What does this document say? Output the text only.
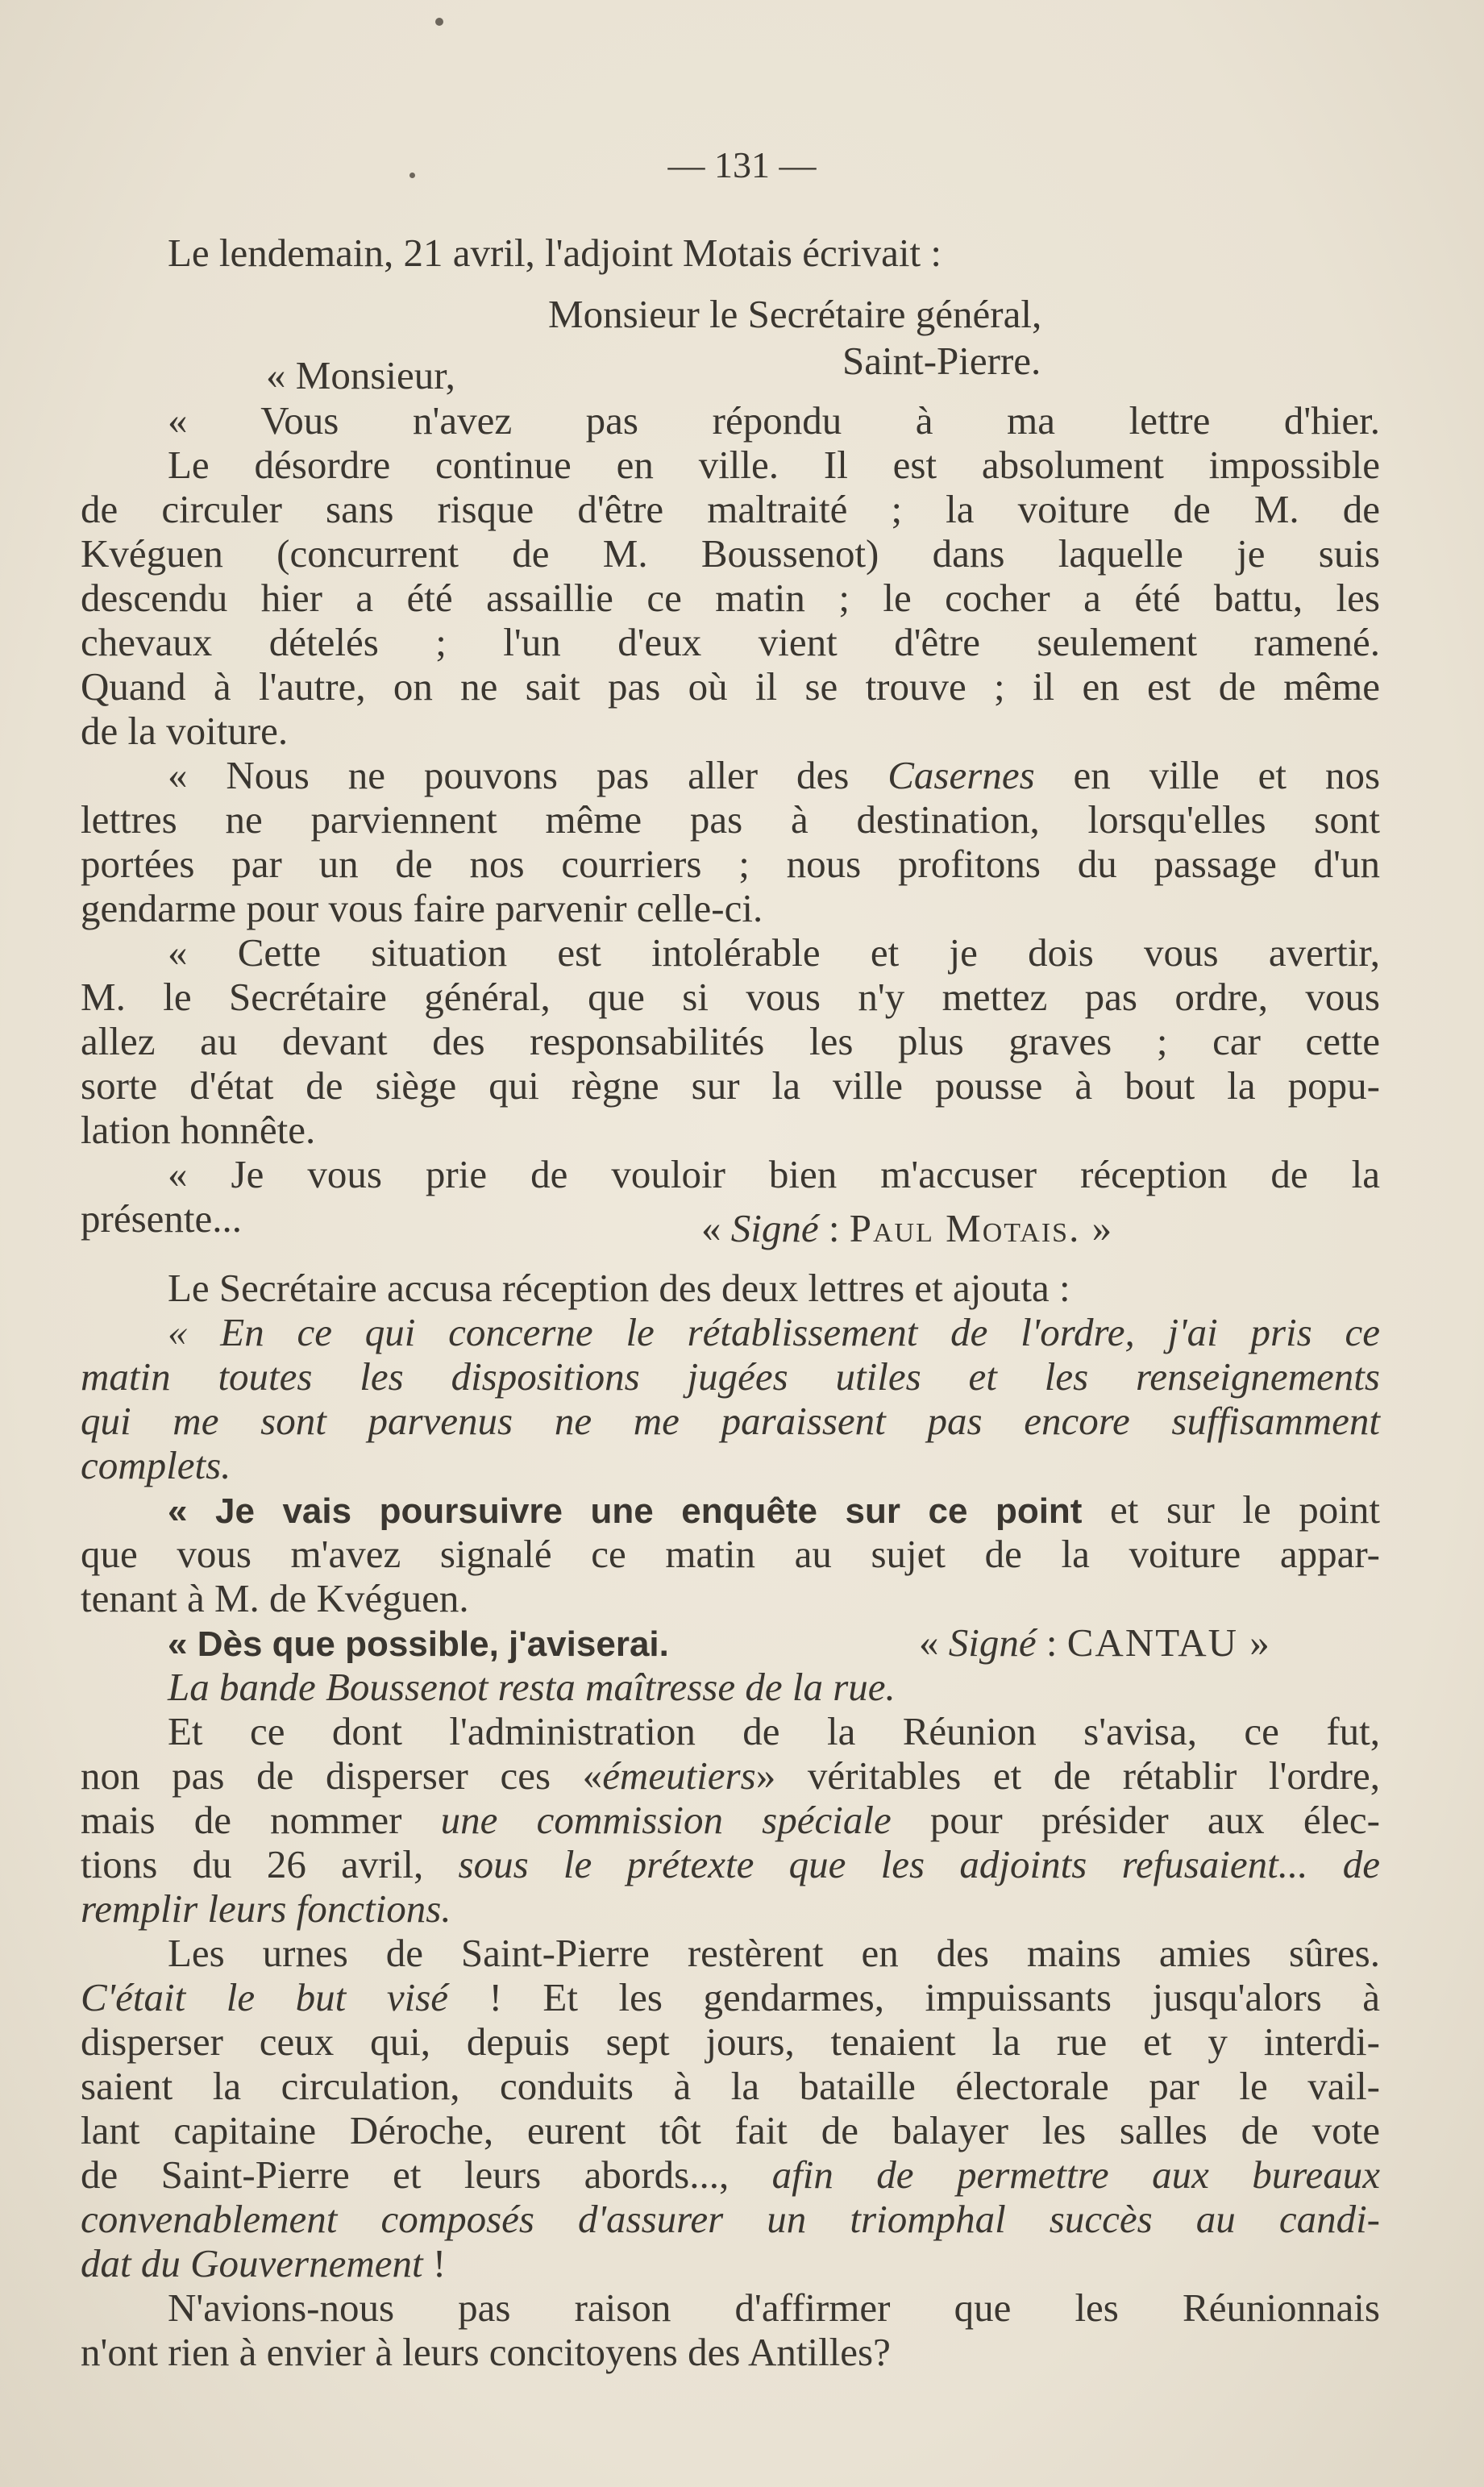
— 131 —
Le lendemain, 21 avril, l'adjoint Motais écrivait :
Monsieur le Secrétaire général,
« Monsieur,	Saint-Pierre.
« Vous n'avez pas répondu à ma lettre d'hier.
Le désordre continue en ville. Il est absolument impossible
de circuler sans risque d'être maltraité ; la voiture de M. de
Kvéguen (concurrent de M. Boussenot) dans laquelle je suis
descendu hier a été assaillie ce matin ; le cocher a été battu, les
chevaux dételés ; l'un d'eux vient d'être seulement ramené.
Quand à l'autre, on ne sait pas où il se trouve ; il en est de même
de la voiture.
« Nous ne pouvons pas aller des Casernes en ville et nos
lettres ne parviennent même pas à destination, lorsqu'elles sont
portées par un de nos courriers ; nous profitons du passage d'un
gendarme pour vous faire parvenir celle-ci.
« Cette situation est intolérable et je dois vous avertir,
M. le Secrétaire général, que si vous n'y mettez pas ordre, vous
allez au devant des responsabilités les plus graves ; car cette
sorte d'état de siège qui règne sur la ville pousse à bout la popu-
lation honnête.
« Je vous prie de vouloir bien m'accuser réception de la
présente...	« Signé : Paul Motais. »
Le Secrétaire accusa réception des deux lettres et ajouta :
« En ce qui concerne le rétablissement de l'ordre, j'ai pris ce
matin toutes les dispositions jugées utiles et les renseignements
qui me sont parvenus ne me paraissent pas encore suffisamment
complets.
« Je vais poursuivre une enquête sur ce point et sur le point
que vous m'avez signalé ce matin au sujet de la voiture appar-
tenant à M. de Kvéguen.
« Dès que possible, j'aviserai.	« Signé : CANTAU »
La bande Boussenot resta maîtresse de la rue.
Et ce dont l'administration de la Réunion s'avisa, ce fut,
non pas de disperser ces «émeutiers» véritables et de rétablir l'ordre,
mais de nommer une commission spéciale pour présider aux élec-
tions du 26 avril, sous le prétexte que les adjoints refusaient... de
remplir leurs fonctions.
Les urnes de Saint-Pierre restèrent en des mains amies sûres.
C'était le but visé ! Et les gendarmes, impuissants jusqu'alors à
disperser ceux qui, depuis sept jours, tenaient la rue et y interdi-
saient la circulation, conduits à la bataille électorale par le vail-
lant capitaine Déroche, eurent tôt fait de balayer les salles de vote
de Saint-Pierre et leurs abords..., afin de permettre aux bureaux
convenablement composés d'assurer un triomphal succès au candi-
dat du Gouvernement !
N'avions-nous pas raison d'affirmer que les Réunionnais
n'ont rien à envier à leurs concitoyens des Antilles?
